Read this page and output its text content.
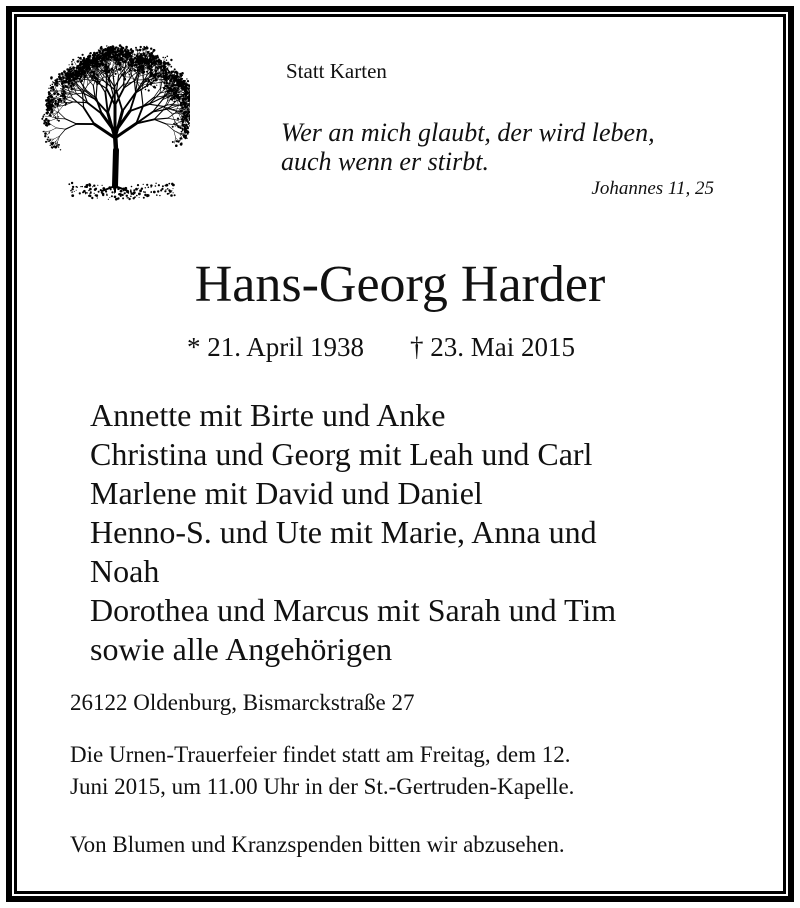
Statt Karten
Wer an mich glaubt, der wird leben,
auch wenn er stirbt.
Johannes 11, 25
Hans-Georg Harder
* 21. April 1938 † 23. Mai 2015
Annette mit Birte und Anke
Christina und Georg mit Leah und Carl
Marlene mit David und Daniel
Henno-S. und Ute mit Marie, Anna und
Noah
Dorothea und Marcus mit Sarah und Tim
sowie alle Angehörigen
26122 Oldenburg, Bismarckstraße 27
Die Urnen-Trauerfeier findet statt am Freitag, dem 12.
Juni 2015, um 11.00 Uhr in der St.-Gertruden-Kapelle.
Von Blumen und Kranzspenden bitten wir abzusehen.
